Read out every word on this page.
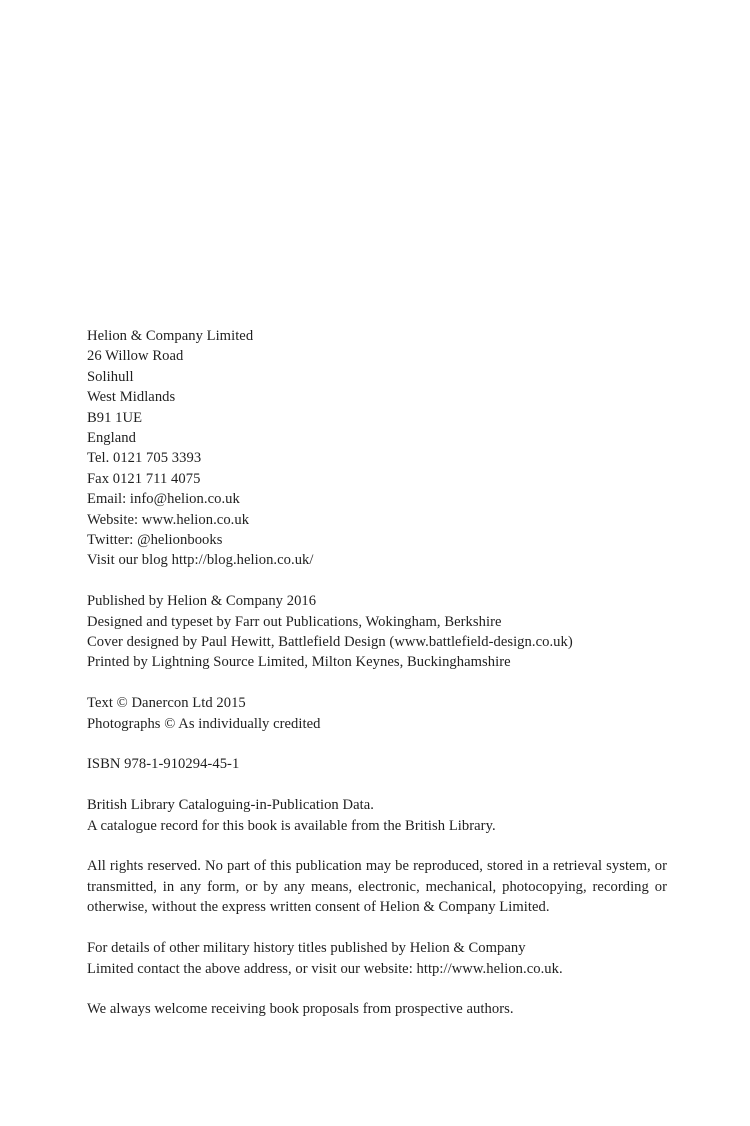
Helion & Company Limited
26 Willow Road
Solihull
West Midlands
B91 1UE
England
Tel. 0121 705 3393
Fax 0121 711 4075
Email: info@helion.co.uk
Website: www.helion.co.uk
Twitter: @helionbooks
Visit our blog http://blog.helion.co.uk/
Published by Helion & Company 2016
Designed and typeset by Farr out Publications, Wokingham, Berkshire
Cover designed by Paul Hewitt, Battlefield Design (www.battlefield-design.co.uk)
Printed by Lightning Source Limited, Milton Keynes, Buckinghamshire
Text © Danercon Ltd 2015
Photographs © As individually credited
ISBN 978-1-910294-45-1
British Library Cataloguing-in-Publication Data.
A catalogue record for this book is available from the British Library.

All rights reserved. No part of this publication may be reproduced, stored in a retrieval system, or transmitted, in any form, or by any means, electronic, mechanical, photocopying, recording or otherwise, without the express written consent of Helion & Company Limited.

For details of other military history titles published by Helion & Company
Limited contact the above address, or visit our website: http://www.helion.co.uk.
We always welcome receiving book proposals from prospective authors.
